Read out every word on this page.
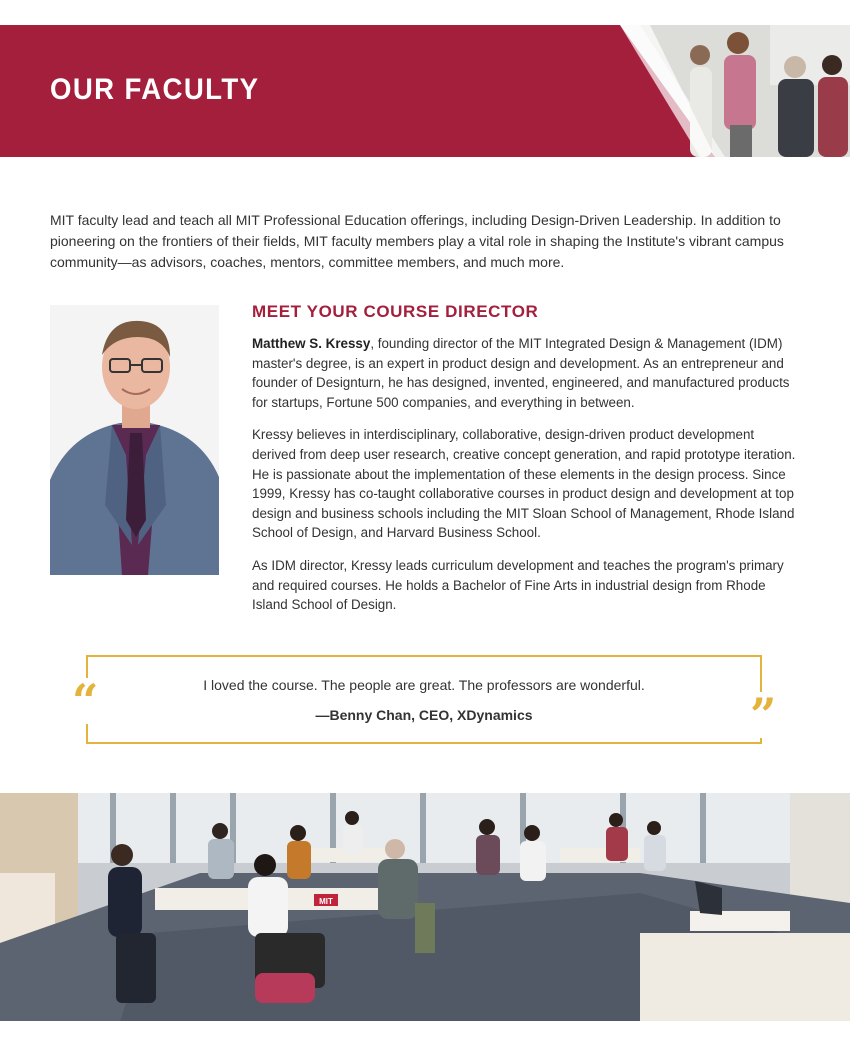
OUR FACULTY

MIT faculty lead and teach all MIT Professional Education offerings, including Design-Driven Leadership. In addition to pioneering on the frontiers of their fields, MIT faculty members play a vital role in shaping the Institute's vibrant campus community—as advisors, coaches, mentors, committee members, and much more.

MEET YOUR COURSE DIRECTOR

Matthew S. Kressy, founding director of the MIT Integrated Design & Management (IDM) master's degree, is an expert in product design and development. As an entrepreneur and founder of Designturn, he has designed, invented, engineered, and manufactured products for startups, Fortune 500 companies, and everything in between.

Kressy believes in interdisciplinary, collaborative, design-driven product development derived from deep user research, creative concept generation, and rapid prototype iteration. He is passionate about the implementation of these elements in the design process. Since 1999, Kressy has co-taught collaborative courses in product design and development at top design and business schools including the MIT Sloan School of Management, Rhode Island School of Design, and Harvard Business School.

As IDM director, Kressy leads curriculum development and teaches the program's primary and required courses. He holds a Bachelor of Fine Arts in industrial design from Rhode Island School of Design.

I loved the course. The people are great. The professors are wonderful.

—Benny Chan, CEO, XDynamics

“	”
MIT
